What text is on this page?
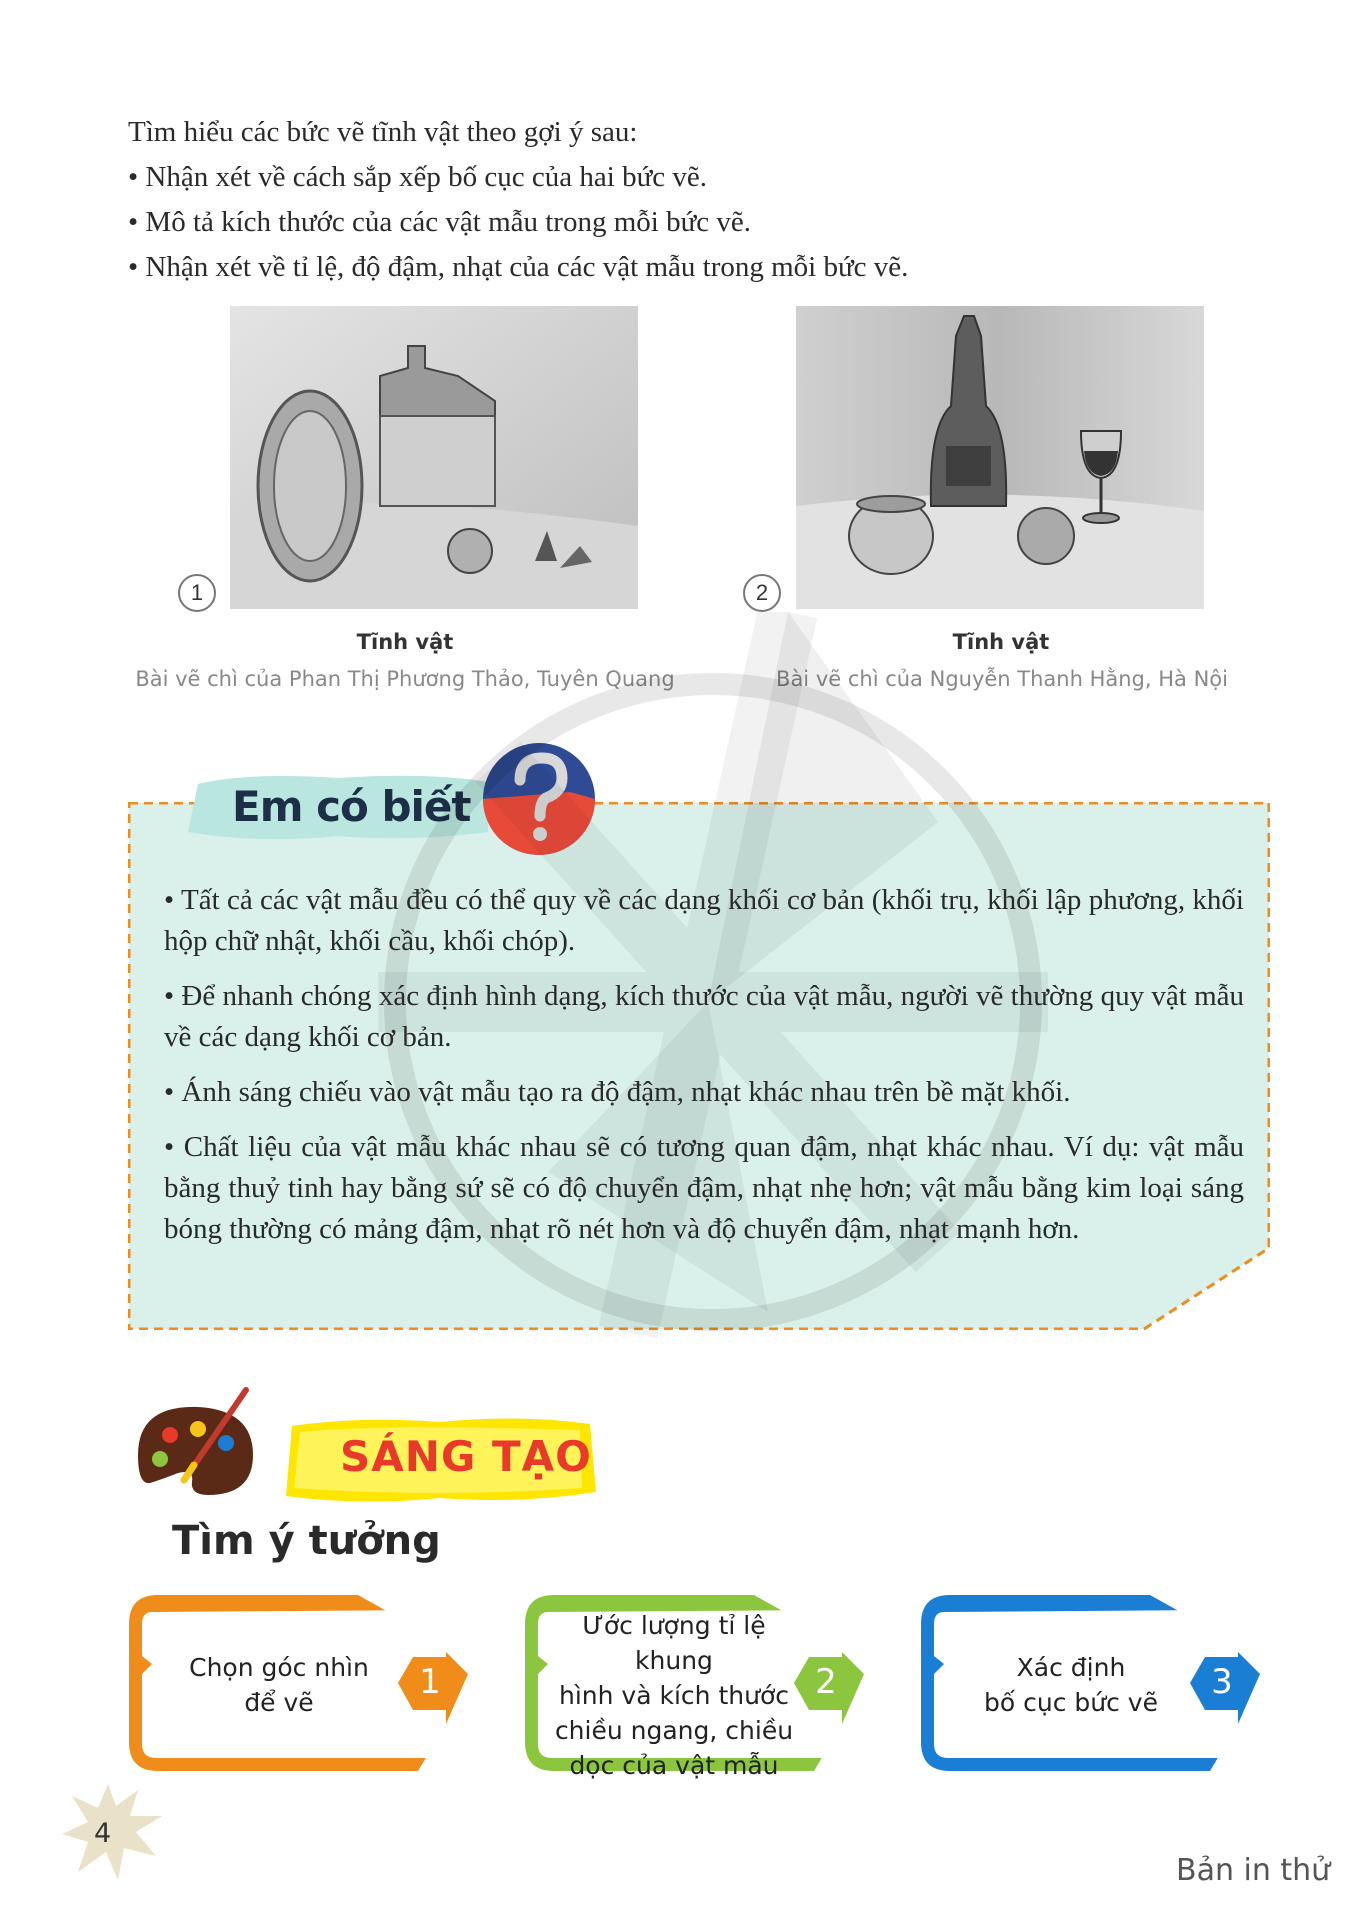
Tìm hiểu các bức vẽ tĩnh vật theo gợi ý sau:

• Nhận xét về cách sắp xếp bố cục của hai bức vẽ.

• Mô tả kích thước của các vật mẫu trong mỗi bức vẽ.

• Nhận xét về tỉ lệ, độ đậm, nhạt của các vật mẫu trong mỗi bức vẽ.

1
Tĩnh vật
Bài vẽ chì của Phan Thị Phương Thảo, Tuyên Quang
2
Tĩnh vật
Bài vẽ chì của Nguyễn Thanh Hằng, Hà Nội
Em có biết

• Tất cả các vật mẫu đều có thể quy về các dạng khối cơ bản (khối trụ, khối lập phương, khối hộp chữ nhật, khối cầu, khối chóp).

• Để nhanh chóng xác định hình dạng, kích thước của vật mẫu, người vẽ thường quy vật mẫu về các dạng khối cơ bản.

• Ánh sáng chiếu vào vật mẫu tạo ra độ đậm, nhạt khác nhau trên bề mặt khối.

• Chất liệu của vật mẫu khác nhau sẽ có tương quan đậm, nhạt khác nhau. Ví dụ: vật mẫu bằng thuỷ tinh hay bằng sứ sẽ có độ chuyển đậm, nhạt nhẹ hơn; vật mẫu bằng kim loại sáng bóng thường có mảng đậm, nhạt rõ nét hơn và độ chuyển đậm, nhạt mạnh hơn.

SÁNG TẠO
Tìm ý tưởng
Chọn góc nhìn
để vẽ
1
Ước lượng tỉ lệ khung
hình và kích thước
chiều ngang, chiều
dọc của vật mẫu
2	Xác định
bố cục bức vẽ
3
4
Bản in thử
